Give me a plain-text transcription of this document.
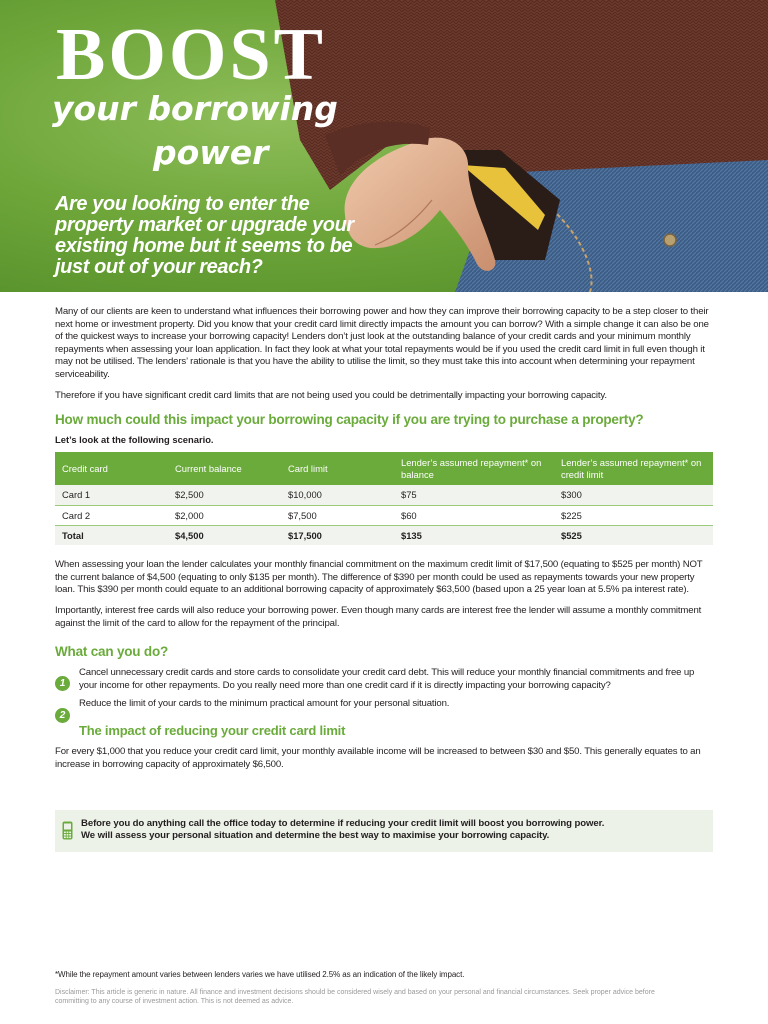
BOOST
your borrowing
power
Are you looking to enter the property market or upgrade your existing home but it seems to be just out of your reach?

Many of our clients are keen to understand what influences their borrowing power and how they can improve their borrowing capacity to be a step closer to their next home or investment property. Did you know that your credit card limit directly impacts the amount you can borrow? With a simple change it can also be one of the quickest ways to increase your borrowing capacity! Lenders don’t just look at the outstanding balance of your credit cards and your minimum monthly repayments when assessing your loan application. In fact they look at what your total repayments would be if you used the credit card limit in full even though it may not be utilised. The lenders’ rationale is that you have the ability to utilise the limit, so they must take this into account when determining your repayment serviceability.

Therefore if you have significant credit card limits that are not being used you could be detrimentally impacting your borrowing capacity.

How much could this impact your borrowing capacity if you are trying to purchase a property?
Let’s look at the following scenario.
Credit card	Current balance	Card limit	Lender’s assumed repayment* on balance	Lender’s assumed repayment* on credit limit
Card 1	$2,500	$10,000	$75	$300
Card 2	$2,000	$7,500	$60	$225
Total	$4,500	$17,500	$135	$525

When assessing your loan the lender calculates your monthly financial commitment on the maximum credit limit of $17,500 (equating to $525 per month) NOT the current balance of $4,500 (equating to only $135 per month). The difference of $390 per month could be used as repayments towards your new property loan. This $390 per month could equate to an additional borrowing capacity of approximately $63,500 (based upon a 25 year loan at 5.5% pa interest rate).

Importantly, interest free cards will also reduce your borrowing power. Even though many cards are interest free the lender will assume a monthly commitment against the limit of the card to allow for the repayment of the principal.

What can you do?
1

Cancel unnecessary credit cards and store cards to consolidate your credit card debt. This will reduce your monthly financial commitments and free up your income for other repayments. Do you really need more than one credit card if it is directly impacting your borrowing capacity?

2

Reduce the limit of your cards to the minimum practical amount for your personal situation.

The impact of reducing your credit card limit

For every $1,000 that you reduce your credit card limit, your monthly available income will be increased to between $30 and $50. This generally equates to an increase in borrowing capacity of approximately $6,500.

Before you do anything call the office today to determine if reducing your credit limit will boost you borrowing power.
We will assess your personal situation and determine the best way to maximise your borrowing capacity.
*While the repayment amount varies between lenders varies we have utilised 2.5% as an indication of the likely impact.
Disclaimer: This article is generic in nature. All finance and investment decisions should be considered wisely and based on your personal and financial circumstances. Seek proper advice before committing to any course of investment action. This is not deemed as advice.
